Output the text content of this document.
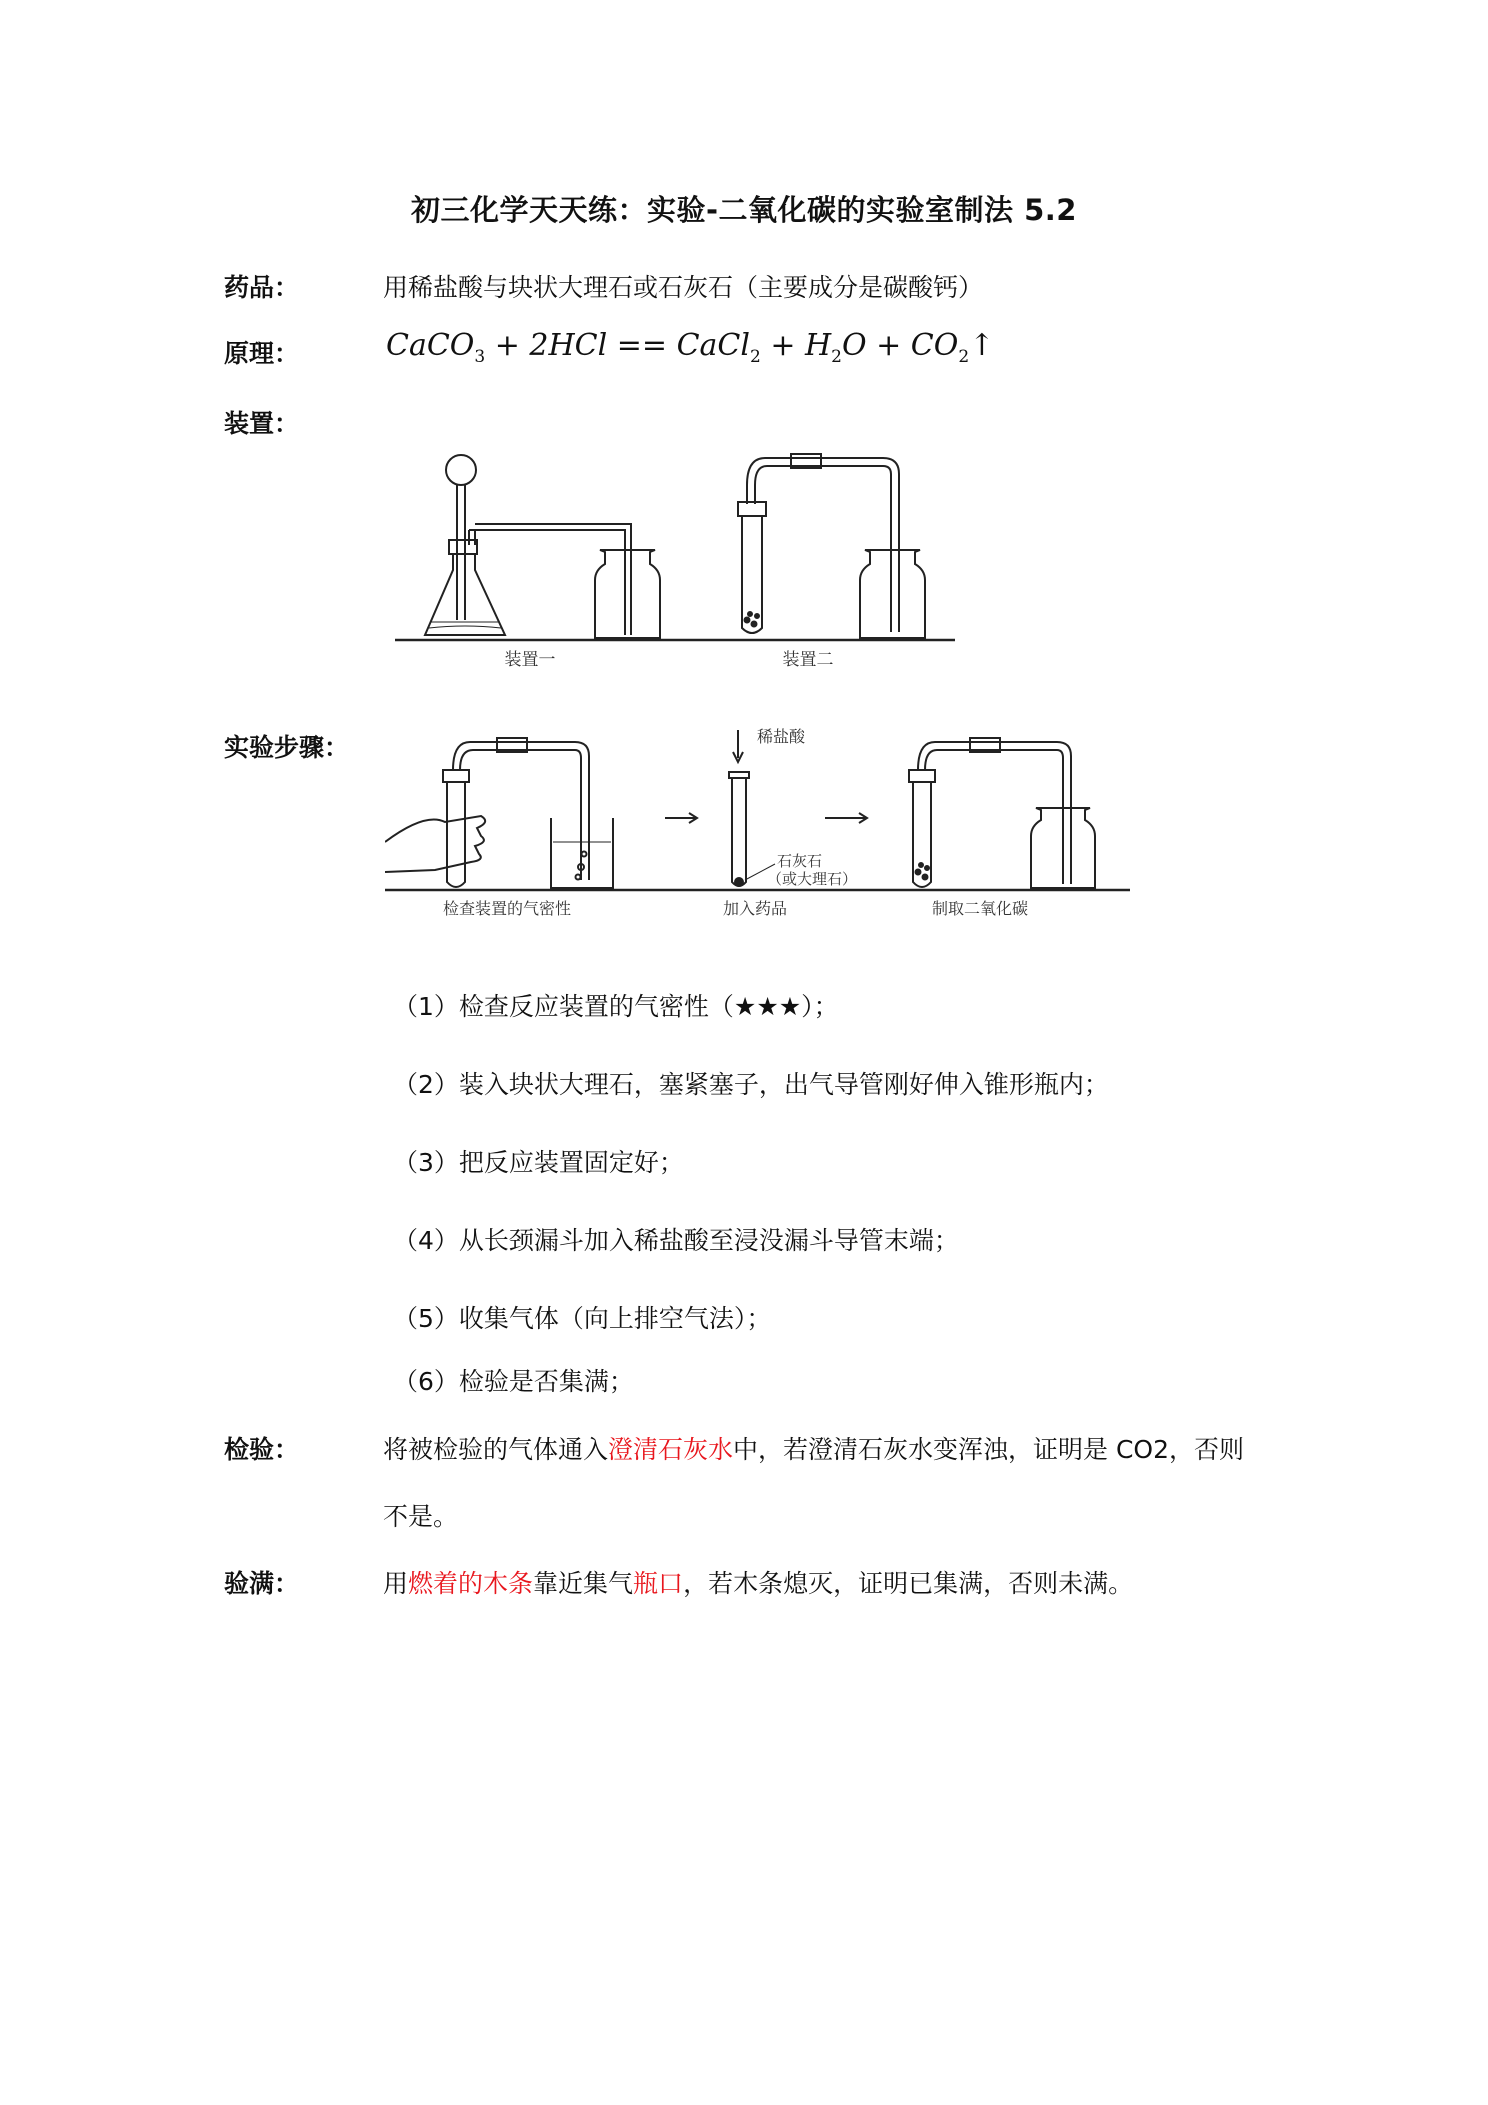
初三化学天天练：实验-二氧化碳的实验室制法 5.2
药品：	用稀盐酸与块状大理石或石灰石（主要成分是碳酸钙）
原理：	CaCO$_3$ + 2HCl == CaCl$_2$ + $H_2O$ + $CO_2↑$
装置：
装置一	装置二
实验步骤：	稀盐酸
石灰石
（或大理石）
检查装置的气密性	加入药品	制取二氧化碳
（1）检查反应装置的气密性（★★★）；
（2）装入块状大理石，塞紧塞子，出气导管刚好伸入锥形瓶内；
（3）把反应装置固定好；
（4）从长颈漏斗加入稀盐酸至浸没漏斗导管末端；
（5）收集气体（向上排空气法）；
（6）检验是否集满；
检验：	将被检验的气体通入澄清石灰水中，若澄清石灰水变浑浊，证明是 CO2，否则
不是。
验满：	用燃着的木条靠近集气瓶口，若木条熄灭，证明已集满，否则未满。
